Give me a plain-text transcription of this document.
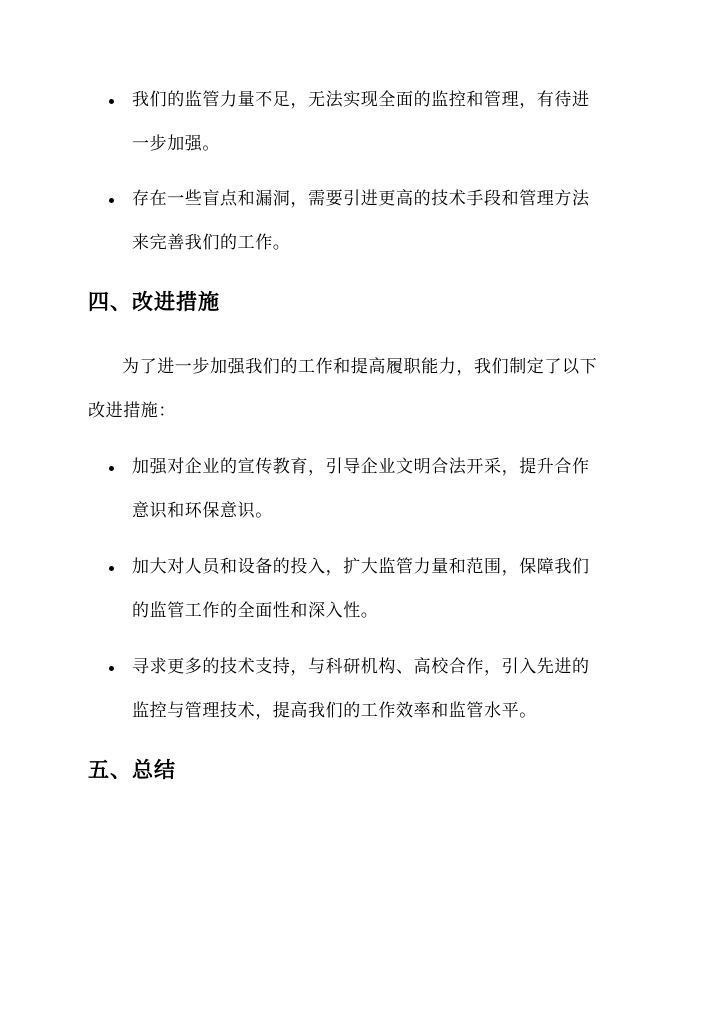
我们的监管力量不足，无法实现全面的监控和管理，有待进
一步加强。
存在一些盲点和漏洞，需要引进更高的技术手段和管理方法
来完善我们的工作。
四、改进措施
为了进一步加强我们的工作和提高履职能力，我们制定了以下
改进措施：
加强对企业的宣传教育，引导企业文明合法开采，提升合作
意识和环保意识。
加大对人员和设备的投入，扩大监管力量和范围，保障我们
的监管工作的全面性和深入性。
寻求更多的技术支持，与科研机构、高校合作，引入先进的
监控与管理技术，提高我们的工作效率和监管水平。
五、总结
